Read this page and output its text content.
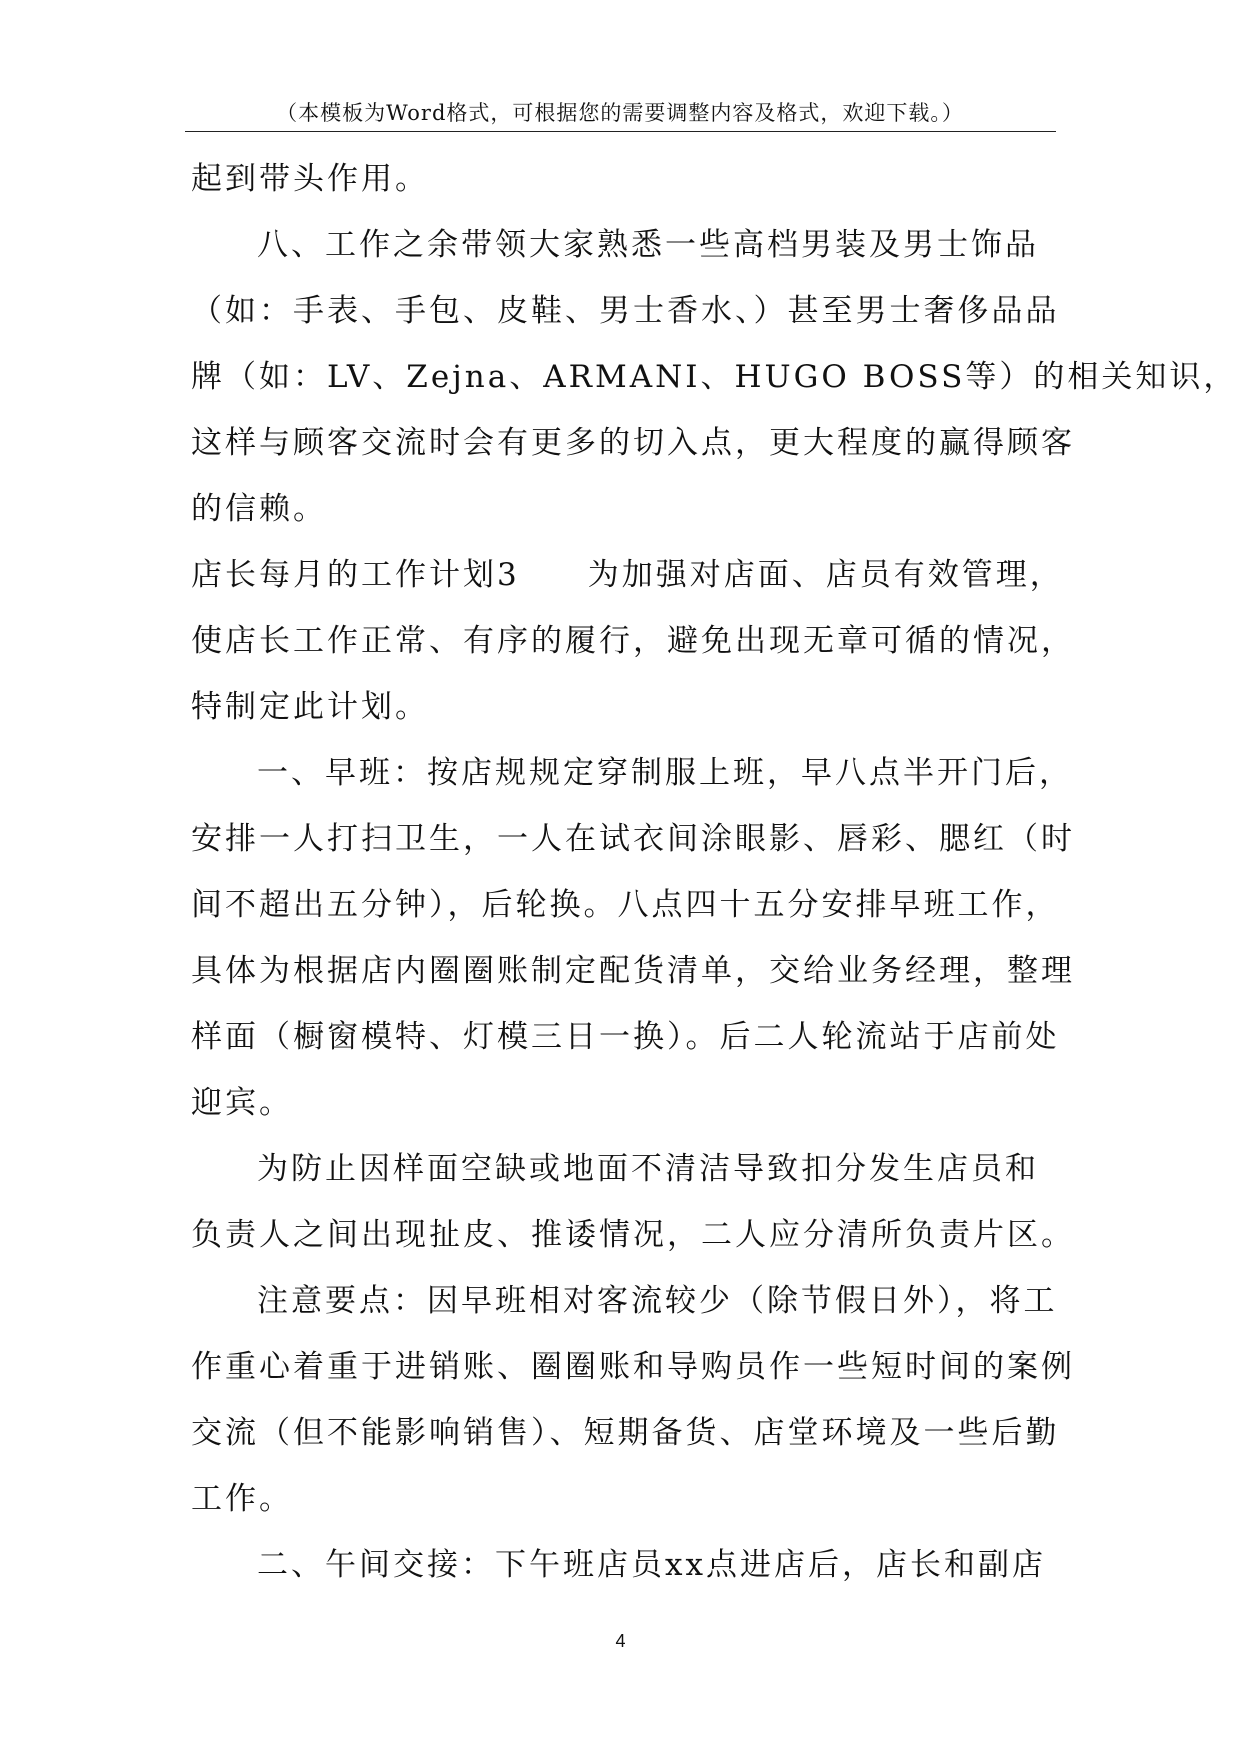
（本模板为Word格式，可根据您的需要调整内容及格式，欢迎下载。）
起到带头作用。
八、工作之余带领大家熟悉一些高档男装及男士饰品
（如：手表、手包、皮鞋、男士香水、）甚至男士奢侈品品
牌（如：LV、Zejna、ARMANI、HUGO BOSS等）的相关知识，
这样与顾客交流时会有更多的切入点，更大程度的赢得顾客
的信赖。
店长每月的工作计划3　　为加强对店面、店员有效管理，
使店长工作正常、有序的履行，避免出现无章可循的情况，
特制定此计划。
一、早班：按店规规定穿制服上班，早八点半开门后，
安排一人打扫卫生，一人在试衣间涂眼影、唇彩、腮红（时
间不超出五分钟），后轮换。八点四十五分安排早班工作，
具体为根据店内圈圈账制定配货清单，交给业务经理，整理
样面（橱窗模特、灯模三日一换）。后二人轮流站于店前处
迎宾。
为防止因样面空缺或地面不清洁导致扣分发生店员和
负责人之间出现扯皮、推诿情况，二人应分清所负责片区。
注意要点：因早班相对客流较少（除节假日外），将工
作重心着重于进销账、圈圈账和导购员作一些短时间的案例
交流（但不能影响销售）、短期备货、店堂环境及一些后勤
工作。
二、午间交接：下午班店员xx点进店后，店长和副店
4
